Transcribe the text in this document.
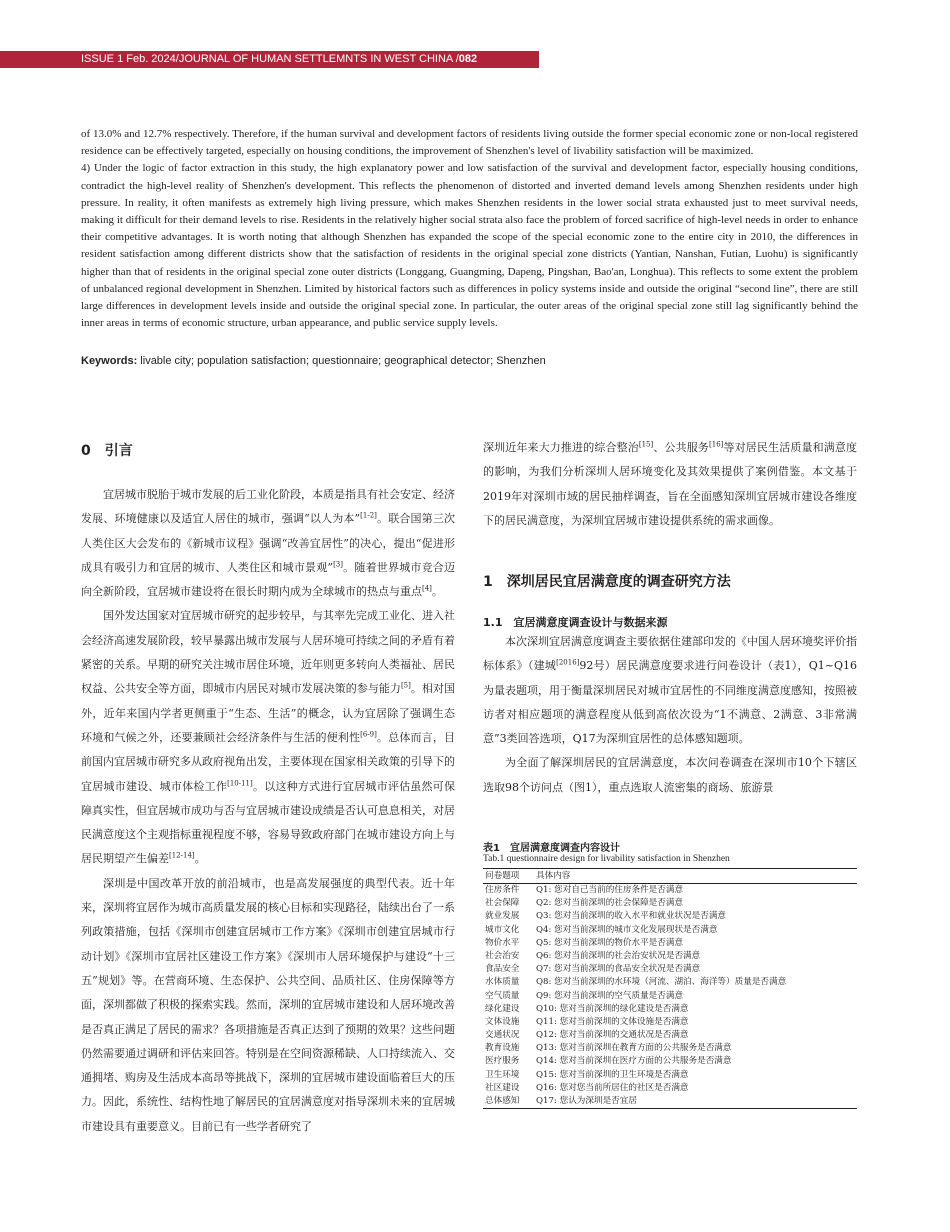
ISSUE 1 Feb. 2024/JOURNAL OF HUMAN SETTLEMNTS IN WEST CHINA /082

of 13.0% and 12.7% respectively. Therefore, if the human survival and development factors of residents living outside the former special economic zone or non-local registered residence can be effectively targeted, especially on housing conditions, the improvement of Shenzhen's level of livability satisfaction will be maximized.

4) Under the logic of factor extraction in this study, the high explanatory power and low satisfaction of the survival and development factor, especially housing conditions, contradict the high-level reality of Shenzhen's development. This reflects the phenomenon of distorted and inverted demand levels among Shenzhen residents under high pressure. In reality, it often manifests as extremely high living pressure, which makes Shenzhen residents in the lower social strata exhausted just to meet survival needs, making it difficult for their demand levels to rise. Residents in the relatively higher social strata also face the problem of forced sacrifice of high-level needs in order to enhance their competitive advantages. It is worth noting that although Shenzhen has expanded the scope of the special economic zone to the entire city in 2010, the differences in resident satisfaction among different districts show that the satisfaction of residents in the original special zone districts (Yantian, Nanshan, Futian, Luohu) is significantly higher than that of residents in the original special zone outer districts (Longgang, Guangming, Dapeng, Pingshan, Bao'an, Longhua). This reflects to some extent the problem of unbalanced regional development in Shenzhen. Limited by historical factors such as differences in policy systems inside and outside the original “second line”, there are still large differences in development levels inside and outside the original special zone. In particular, the outer areas of the original special zone still lag significantly behind the inner areas in terms of economic structure, urban appearance, and public service supply levels.

Keywords: livable city; population satisfaction; questionnaire; geographical detector; Shenzhen
0　引言

宜居城市脱胎于城市发展的后工业化阶段，本质是指具有社会安定、经济发展、环境健康以及适宜人居住的城市，强调“以人为本”[1-2]。联合国第三次人类住区大会发布的《新城市议程》强调“改善宜居性”的决心，提出“促进形成具有吸引力和宜居的城市、人类住区和城市景观”[3]。随着世界城市竞合迈向全新阶段，宜居城市建设将在很长时期内成为全球城市的热点与重点[4]。

国外发达国家对宜居城市研究的起步较早，与其率先完成工业化、进入社会经济高速发展阶段，较早暴露出城市发展与人居环境可持续之间的矛盾有着紧密的关系。早期的研究关注城市居住环境，近年则更多转向人类福祉、居民权益、公共安全等方面，即城市内居民对城市发展决策的参与能力[5]。相对国外，近年来国内学者更侧重于“生态、生活”的概念，认为宜居除了强调生态环境和气候之外，还要兼顾社会经济条件与生活的便利性[6-9]。总体而言，目前国内宜居城市研究多从政府视角出发，主要体现在国家相关政策的引导下的宜居城市建设、城市体检工作[10-11]。以这种方式进行宜居城市评估虽然可保障真实性，但宜居城市成功与否与宜居城市建设成绩是否认可息息相关，对居民满意度这个主观指标重视程度不够，容易导致政府部门在城市建设方向上与居民期望产生偏差[12-14]。

深圳是中国改革开放的前沿城市，也是高发展强度的典型代表。近十年来，深圳将宜居作为城市高质量发展的核心目标和实现路径，陆续出台了一系列政策措施，包括《深圳市创建宜居城市工作方案》《深圳市创建宜居城市行动计划》《深圳市宜居社区建设工作方案》《深圳市人居环境保护与建设“十三五”规划》等。在营商环境、生态保护、公共空间、品质社区、住房保障等方面，深圳都做了积极的探索实践。然而，深圳的宜居城市建设和人居环境改善是否真正满足了居民的需求？各项措施是否真正达到了预期的效果？这些问题仍然需要通过调研和评估来回答。特别是在空间资源稀缺、人口持续流入、交通拥堵、购房及生活成本高昂等挑战下，深圳的宜居城市建设面临着巨大的压力。因此，系统性、结构性地了解居民的宜居满意度对指导深圳未来的宜居城市建设具有重要意义。目前已有一些学者研究了

深圳近年来大力推进的综合整治[15]、公共服务[16]等对居民生活质量和满意度的影响，为我们分析深圳人居环境变化及其效果提供了案例借鉴。本文基于2019年对深圳市域的居民抽样调查，旨在全面感知深圳宜居城市建设各维度下的居民满意度，为深圳宜居城市建设提供系统的需求画像。

1　深圳居民宜居满意度的调查研究方法
1.1　宜居满意度调查设计与数据来源

本次深圳宜居满意度调查主要依据住建部印发的《中国人居环境奖评价指标体系》（建城[2016]92号）居民满意度要求进行问卷设计（表1），Q1~Q16为量表题项，用于衡量深圳居民对城市宜居性的不同维度满意度感知，按照被访者对相应题项的满意程度从低到高依次设为“1不满意、2满意、3非常满意”3类回答选项，Q17为深圳宜居性的总体感知题项。

为全面了解深圳居民的宜居满意度，本次问卷调查在深圳市10个下辖区选取98个访问点（图1），重点选取人流密集的商场、旅游景

表1　宜居满意度调查内容设计
Tab.1 questionnaire design for livability satisfaction in Shenzhen
问卷题项	具体内容
住房条件	Q1: 您对自己当前的住房条件是否满意
社会保障	Q2: 您对当前深圳的社会保障是否满意
就业发展	Q3: 您对当前深圳的收入水平和就业状况是否满意
城市文化	Q4: 您对当前深圳的城市文化发展现状是否满意
物价水平	Q5: 您对当前深圳的物价水平是否满意
社会治安	Q6: 您对当前深圳的社会治安状况是否满意
食品安全	Q7: 您对当前深圳的食品安全状况是否满意
水体质量	Q8: 您对当前深圳的水环境（河流、湖泊、海洋等）质量是否满意
空气质量	Q9: 您对当前深圳的空气质量是否满意
绿化建设	Q10: 您对当前深圳的绿化建设是否满意
文体设施	Q11: 您对当前深圳的文体设施是否满意
交通状况	Q12: 您对当前深圳的交通状况是否满意
教育设施	Q13: 您对当前深圳在教育方面的公共服务是否满意
医疗服务	Q14: 您对当前深圳在医疗方面的公共服务是否满意
卫生环境	Q15: 您对当前深圳的卫生环境是否满意
社区建设	Q16: 您对您当前所居住的社区是否满意
总体感知	Q17: 您认为深圳是否宜居
